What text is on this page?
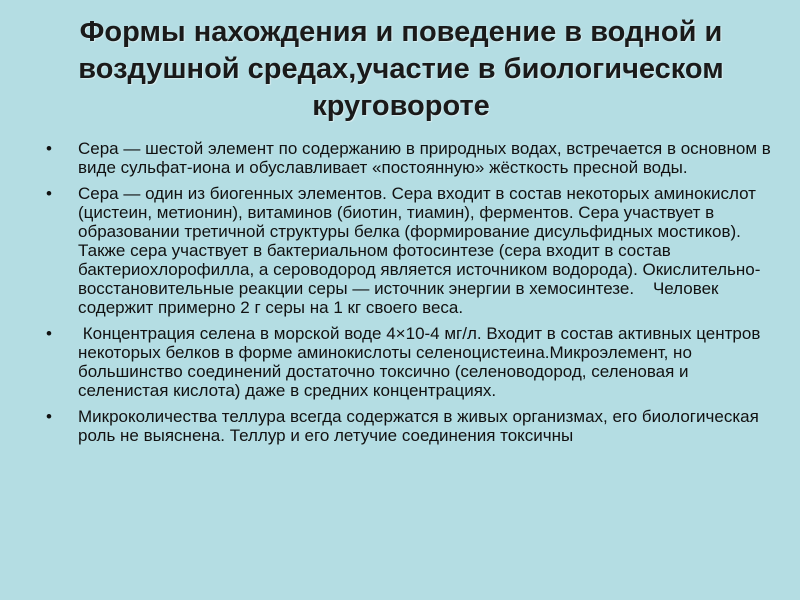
Формы нахождения и поведение в водной и воздушной средах,участие в биологическом круговороте
• Сера — шестой элемент по содержанию в природных водах, встречается в основном в виде сульфат-иона и обуславливает «постоянную» жёсткость пресной воды.
• Сера — один из биогенных элементов. Сера входит в состав некоторых аминокислот (цистеин, метионин), витаминов (биотин, тиамин), ферментов. Сера участвует в образовании третичной структуры белка (формирование дисульфидных мостиков). Также сера участвует в бактериальном фотосинтезе (сера входит в состав бактериохлорофилла, а сероводород является источником водорода). Окислительно-восстановительные реакции серы — источник энергии в хемосинтезе.    Человек содержит примерно 2 г серы на 1 кг своего веса.
• Концентрация селена в морской воде 4×10-4 мг/л. Входит в состав активных центров некоторых белков в форме аминокислоты селеноцистеина.Микроэлемент, но большинство соединений достаточно токсично (селеноводород, селеновая и селенистая кислота) даже в средних концентрациях.
• Микроколичества теллура всегда содержатся в живых организмах, его биологическая роль не выяснена. Теллур и его летучие соединения токсичны
